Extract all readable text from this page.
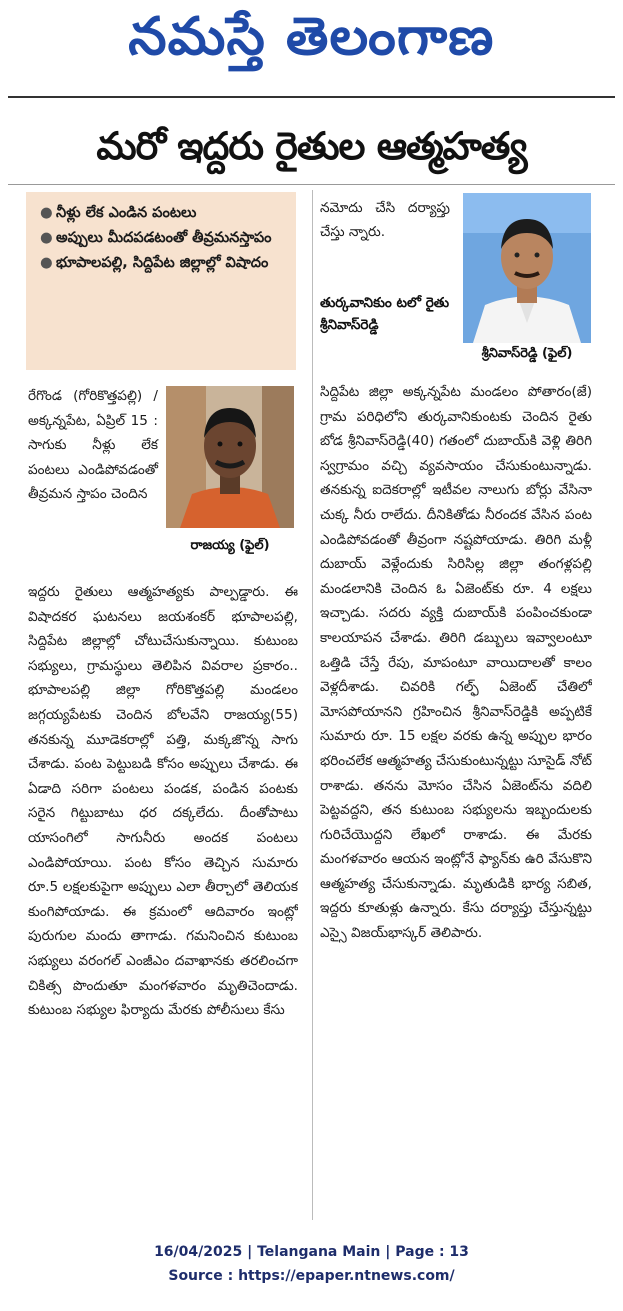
నమస్తే తెలంగాణ
మరో ఇద్దరు రైతుల ఆత్మహత్య
● నీళ్లు లేక ఎండిన పంటలు
● అప్పులు మీదపడటంతో తీవ్రమనస్తాపం
● భూపాలపల్లి, సిద్దిపేట జిల్లాల్లో విషాదం
నమోదు చేసి దర్యాప్తు చేస్తు న్నారు.
తుర్కవానికుం టలో రైతు శ్రీనివాస్‌రెడ్డి
శ్రీనివాస్‌రెడ్డి (ఫైల్‌)
రాజయ్య (ఫైల్‌)

రేగొండ (గోరికొత్తపల్లి) /అక్కన్నపేట, ఏప్రిల్‌ 15 : సాగుకు నీళ్లు లేక పంటలు ఎండిపోవడంతో తీవ్రమన స్తాపం చెందిన

ఇద్దరు రైతులు ఆత్మహత్యకు పాల్పడ్డారు. ఈ విషాదకర ఘటనలు జయశంకర్‌ భూపాలపల్లి, సిద్దిపేట జిల్లాల్లో చోటుచేసుకున్నాయి. కుటుంబ సభ్యులు, గ్రామస్థులు తెలిపిన వివరాల ప్రకారం.. భూపాలపల్లి జిల్లా గోరికొత్తపల్లి మండలం జగ్గయ్యపేటకు చెందిన బోలవేని రాజయ్య(55) తనకున్న మూడెకరాల్లో పత్తి, మక్కజొన్న సాగు చేశాడు. పంట పెట్టుబడి కోసం అప్పులు చేశాడు. ఈ ఏడాది సరిగా పంటలు పండక, పండిన పంటకు సరైన గిట్టుబాటు ధర దక్కలేదు. దీంతోపాటు యాసంగిలో సాగునీరు అందక పంటలు ఎండిపోయాయి. పంట కోసం తెచ్చిన సుమారు రూ.5 లక్షలకుపైగా అప్పులు ఎలా తీర్చాలో తెలియక కుంగిపోయాడు. ఈ క్రమంలో ఆదివారం ఇంట్లో పురుగుల మందు తాగాడు. గమనించిన కుటుంబ సభ్యులు వరంగల్‌ ఎంజీఎం దవాఖానకు తరలించగా చికిత్స పొందుతూ మంగళవారం మృతిచెందాడు. కుటుంబ సభ్యుల ఫిర్యాదు మేరకు పోలీసులు కేసు

సిద్దిపేట జిల్లా అక్కన్నపేట మండలం పోతారం(జే) గ్రామ పరిధిలోని తుర్కవానికుంటకు చెందిన రైతు బోడ శ్రీనివాస్‌రెడ్డి(40) గతంలో దుబాయ్‌కి వెళ్లి తిరిగి స్వగ్రామం వచ్చి వ్యవసాయం చేసుకుంటున్నాడు. తనకున్న ఐదెకరాల్లో ఇటీవల నాలుగు బోర్లు వేసినా చుక్క నీరు రాలేదు. దీనికితోడు నీరందక వేసిన పంట ఎండిపోవడంతో తీవ్రంగా నష్టపోయాడు. తిరిగి మళ్లీ దుబాయ్‌ వెళ్లేందుకు సిరిసిల్ల జిల్లా తంగళ్లపల్లి మండలానికి చెందిన ఓ ఏజెంట్‌కు రూ. 4 లక్షలు ఇచ్చాడు. సదరు వ్యక్తి దుబాయ్‌కి పంపించకుండా కాలయాపన చేశాడు. తిరిగి డబ్బులు ఇవ్వాలంటూ ఒత్తిడి చేస్తే రేపు, మాపంటూ వాయిదాలతో కాలం వెళ్లదీశాడు. చివరికి గల్ఫ్‌ ఏజెంట్‌ చేతిలో మోసపోయానని గ్రహించిన శ్రీనివాస్‌రెడ్డికి అప్పటికే సుమారు రూ. 15 లక్షల వరకు ఉన్న అప్పుల భారం భరించలేక ఆత్మహత్య చేసుకుంటున్నట్టు సూసైడ్‌ నోట్‌ రాశాడు. తనను మోసం చేసిన ఏజెంట్‌ను వదిలి పెట్టవద్దని, తన కుటుంబ సభ్యులను ఇబ్బందులకు గురిచేయొద్దని లేఖలో రాశాడు. ఈ మేరకు మంగళవారం ఆయన ఇంట్లోనే ఫ్యాన్‌కు ఉరి వేసుకొని ఆత్మహత్య చేసుకున్నాడు. మృతుడికి భార్య సబిత, ఇద్దరు కూతుళ్లు ఉన్నారు. కేసు దర్యాప్తు చేస్తున్నట్టు ఎస్సై విజయ్‌భాస్కర్‌ తెలిపారు.

16/04/2025 | Telangana Main | Page : 13
Source : https://epaper.ntnews.com/
